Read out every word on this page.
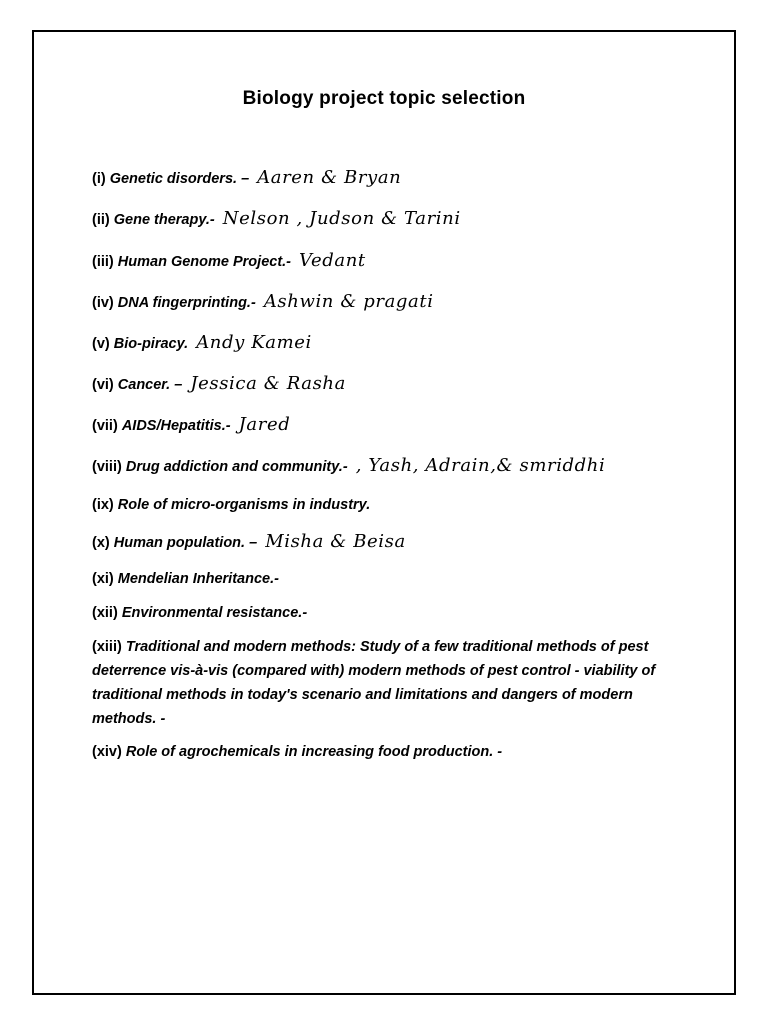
Biology project topic selection
(i) Genetic disorders. – Aaren & Bryan
(ii) Gene therapy.- Nelson , Judson & Tarini
(iii) Human Genome Project.- Vedant
(iv) DNA fingerprinting.- Ashwin & pragati
(v) Bio-piracy. Andy Kamei
(vi) Cancer. – Jessica & Rasha
(vii) AIDS/Hepatitis.- Jared
(viii) Drug addiction and community.- , Yash, Adrain,& smriddhi
(ix) Role of micro-organisms in industry.
(x) Human population. – Misha & Beisa
(xi) Mendelian Inheritance.-
(xii) Environmental resistance.-
(xiii) Traditional and modern methods: Study of a few traditional methods of pest deterrence vis-à-vis (compared with) modern methods of pest control - viability of traditional methods in today's scenario and limitations and dangers of modern methods. -
(xiv) Role of agrochemicals in increasing food production. -
